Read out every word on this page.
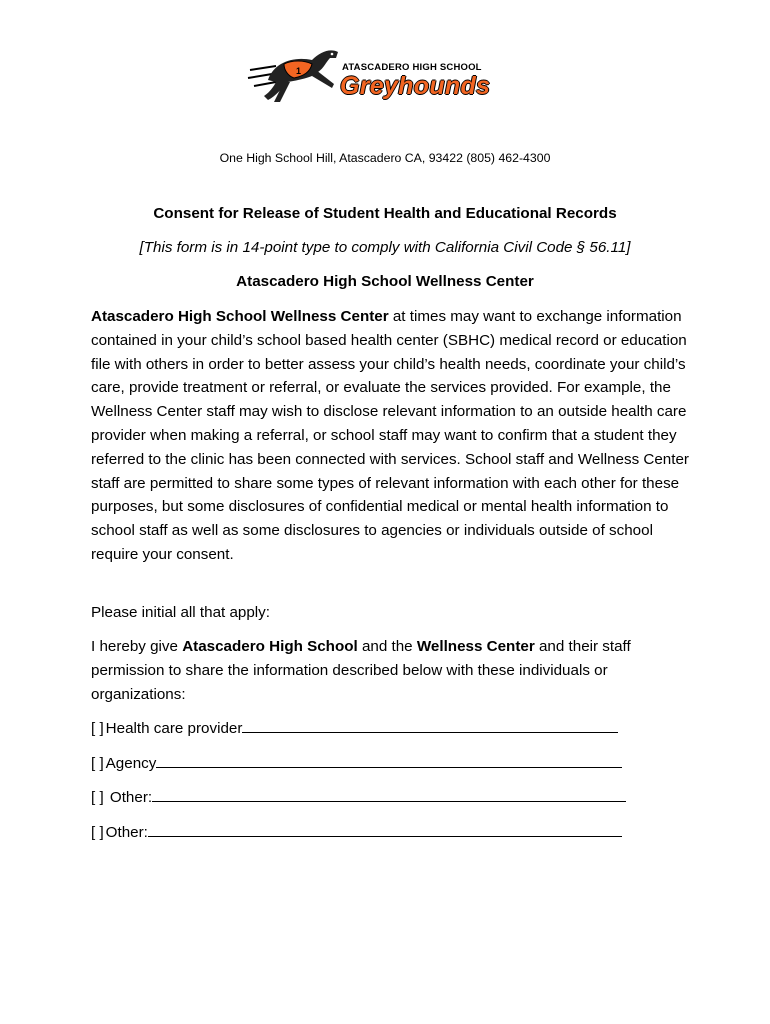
1	ATASCADERO HIGH SCHOOL
Greyhounds
One High School Hill, Atascadero CA, 93422 (805) 462-4300
Consent for Release of Student Health and Educational Records
[This form is in 14-point type to comply with California Civil Code § 56.11]
Atascadero High School Wellness Center
Atascadero High School Wellness Center at times may want to exchange information contained in your child’s school based health center (SBHC) medical record or education file with others in order to better assess your child’s health needs, coordinate your child’s care, provide treatment or referral, or evaluate the services provided. For example, the Wellness Center staff may wish to disclose relevant information to an outside health care provider when making a referral, or school staff may want to confirm that a student they referred to the clinic has been connected with services. School staff and Wellness Center staff are permitted to share some types of relevant information with each other for these purposes, but some disclosures of confidential medical or mental health information to school staff as well as some disclosures to agencies or individuals outside of school require your consent.
Please initial all that apply:
I hereby give Atascadero High School and the Wellness Center and their staff permission to share the information described below with these individuals or organizations:
[ ] Health care provider
[ ] Agency
[ ] Other:
[ ] Other:
